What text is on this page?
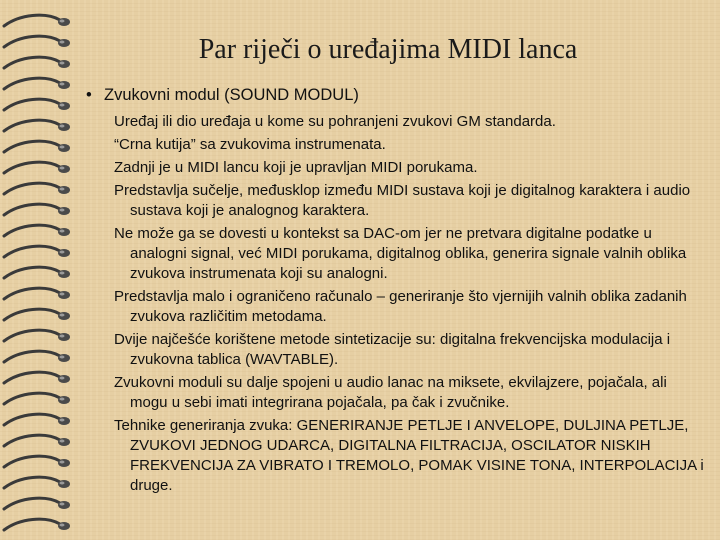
Par riječi o uređajima MIDI lanca
• Zvukovni modul (SOUND MODUL)

Uređaj ili dio uređaja u kome su pohranjeni zvukovi GM standarda.

“Crna kutija” sa zvukovima instrumenata.

Zadnji je u MIDI lancu koji je upravljan MIDI porukama.

Predstavlja sučelje, međusklop između MIDI sustava koji je digitalnog karaktera i audio sustava koji je analognog karaktera.

Ne može ga se dovesti u kontekst sa DAC-om jer ne pretvara digitalne podatke u analogni signal, već MIDI porukama, digitalnog oblika, generira signale valnih oblika zvukova instrumenata koji su analogni.

Predstavlja malo i ograničeno računalo – generiranje što vjernijih valnih oblika zadanih zvukova različitim metodama.

Dvije najčešće korištene metode sintetizacije su: digitalna frekvencijska modulacija i zvukovna tablica (WAVTABLE).

Zvukovni moduli su dalje spojeni u audio lanac na miksete, ekvilajzere, pojačala, ali mogu u sebi imati integrirana pojačala, pa čak i zvučnike.

Tehnike generiranja zvuka: GENERIRANJE PETLJE I ANVELOPE, DULJINA PETLJE, ZVUKOVI JEDNOG UDARCA, DIGITALNA FILTRACIJA, OSCILATOR NISKIH FREKVENCIJA ZA VIBRATO I TREMOLO, POMAK VISINE TONA, INTERPOLACIJA i druge.
